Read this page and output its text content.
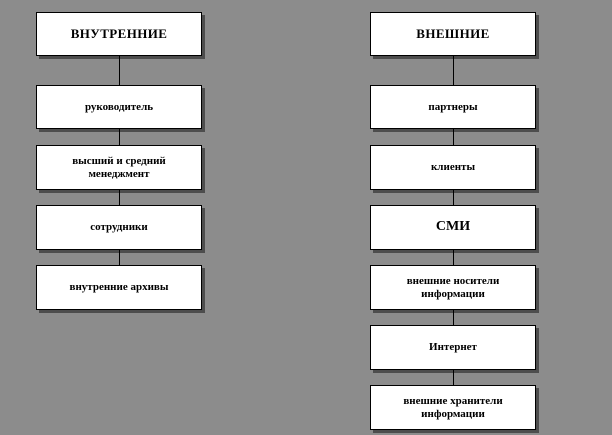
ВНУТРЕННИЕ
руководитель
высший и средний менеджмент
сотрудники
внутренние архивы
ВНЕШНИЕ
партнеры
клиенты
СМИ
внешние носители информации
Интернет
внешние хранители информации
